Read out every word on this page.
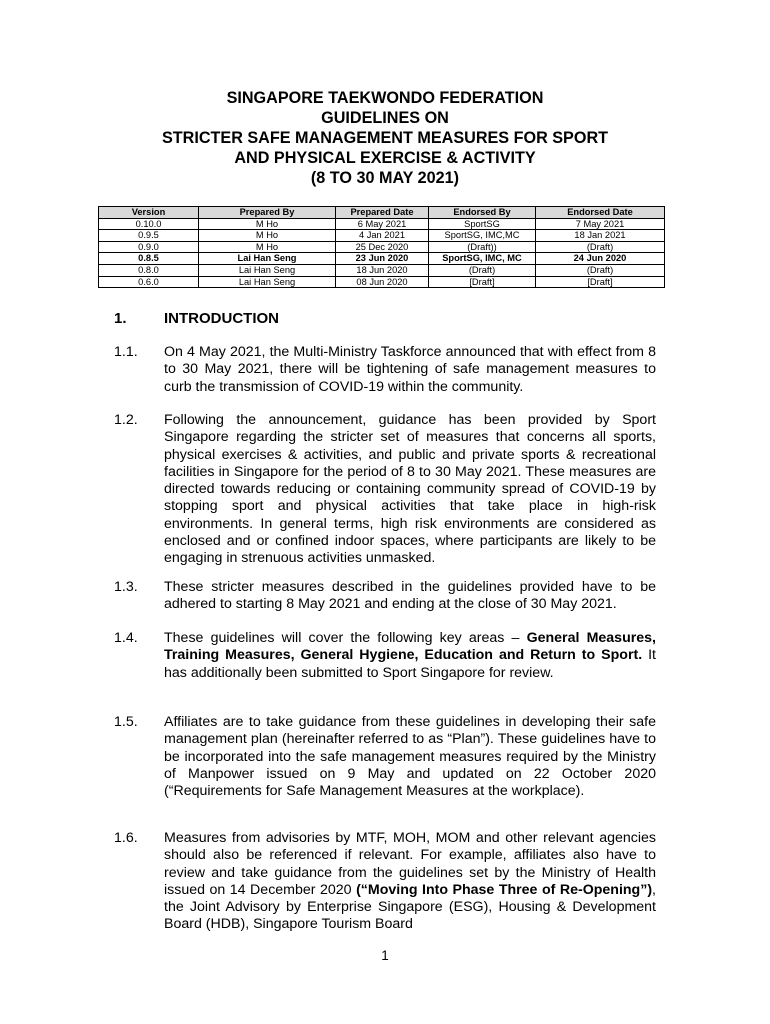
SINGAPORE TAEKWONDO FEDERATION
GUIDELINES ON
STRICTER SAFE MANAGEMENT MEASURES FOR SPORT
AND PHYSICAL EXERCISE & ACTIVITY
(8 TO 30 MAY 2021)
Version	Prepared By	Prepared Date	Endorsed By	Endorsed Date
0.10.0	M Ho	6 May 2021	SportSG	7 May 2021
0.9.5	M Ho	4 Jan 2021	SportSG, IMC,MC	18 Jan 2021
0.9.0	M Ho	25 Dec 2020	(Draft))	(Draft)
0.8.5	Lai Han Seng	23 Jun 2020	SportSG, IMC, MC	24 Jun 2020
0.8.0	Lai Han Seng	18 Jun 2020	(Draft)	(Draft)
0.6.0	Lai Han Seng	08 Jun 2020	[Draft]	[Draft]
1. INTRODUCTION
1.1. On 4 May 2021, the Multi-Ministry Taskforce announced that with effect from 8 to 30 May 2021, there will be tightening of safe management measures to curb the transmission of COVID-19 within the community.
1.2. Following the announcement, guidance has been provided by Sport Singapore regarding the stricter set of measures that concerns all sports, physical exercises & activities, and public and private sports & recreational facilities in Singapore for the period of 8 to 30 May 2021. These measures are directed towards reducing or containing community spread of COVID-19 by stopping sport and physical activities that take place in high-risk environments. In general terms, high risk environments are considered as enclosed and or confined indoor spaces, where participants are likely to be engaging in strenuous activities unmasked.
1.3. These stricter measures described in the guidelines provided have to be adhered to starting 8 May 2021 and ending at the close of 30 May 2021.
1.4. These guidelines will cover the following key areas – General Measures, Training Measures, General Hygiene, Education and Return to Sport. It has additionally been submitted to Sport Singapore for review.
1.5. Affiliates are to take guidance from these guidelines in developing their safe management plan (hereinafter referred to as “Plan”). These guidelines have to be incorporated into the safe management measures required by the Ministry of Manpower issued on 9 May and updated on 22 October 2020 (“Requirements for Safe Management Measures at the workplace).
1.6. Measures from advisories by MTF, MOH, MOM and other relevant agencies should also be referenced if relevant. For example, affiliates also have to review and take guidance from the guidelines set by the Ministry of Health issued on 14 December 2020 (“Moving Into Phase Three of Re-Opening”), the Joint Advisory by Enterprise Singapore (ESG), Housing & Development Board (HDB), Singapore Tourism Board
1
